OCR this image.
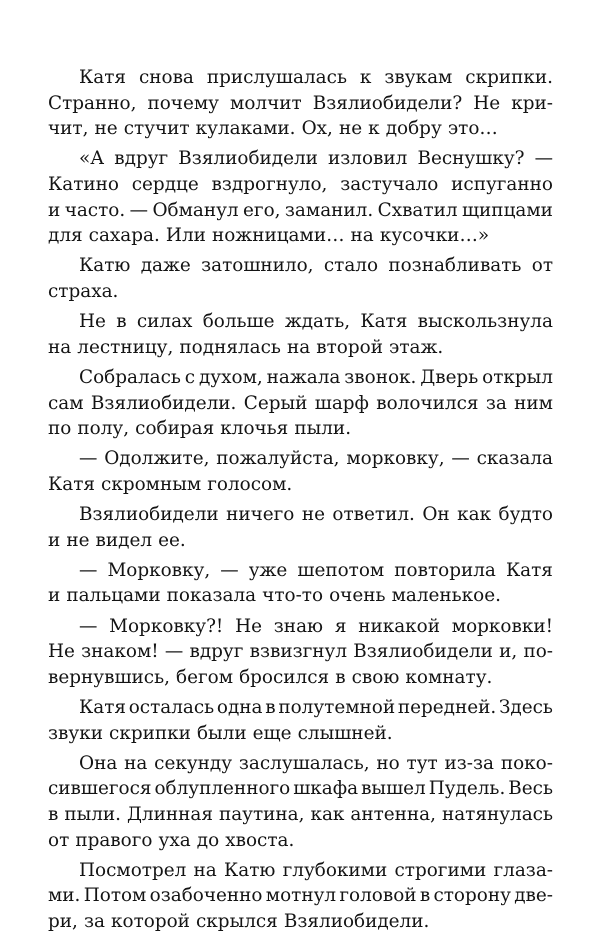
Катя снова прислушалась к звукам скрипки.
Странно, почему молчит Взялиобидели? Не кри-
чит, не стучит кулаками. Ох, не к добру это…
«А вдруг Взялиобидели изловил Веснушку? —
Катино сердце вздрогнуло, застучало испуганно
и часто. — Обманул его, заманил. Схватил щипцами
для сахара. Или ножницами… на кусочки…»
Катю даже затошнило, стало познабливать от
страха.
Не в силах больше ждать, Катя выскользнула
на лестницу, поднялась на второй этаж.
Собралась с духом, нажала звонок. Дверь открыл
сам Взялиобидели. Серый шарф волочился за ним
по полу, собирая клочья пыли.
— Одолжите, пожалуйста, морковку, — сказала
Катя скромным голосом.
Взялиобидели ничего не ответил. Он как будто
и не видел ее.
— Морковку, — уже шепотом повторила Катя
и пальцами показала что-то очень маленькое.
— Морковку?! Не знаю я никакой морковки!
Не знаком! — вдруг взвизгнул Взялиобидели и, по-
вернувшись, бегом бросился в свою комнату.
Катя осталась одна в полутемной передней. Здесь
звуки скрипки были еще слышней.
Она на секунду заслушалась, но тут из-за поко-
сившегося облупленного шкафа вышел Пудель. Весь
в пыли. Длинная паутина, как антенна, натянулась
от правого уха до хвоста.
Посмотрел на Катю глубокими строгими глаза-
ми. Потом озабоченно мотнул головой в сторону две-
ри, за которой скрылся Взялиобидели.
